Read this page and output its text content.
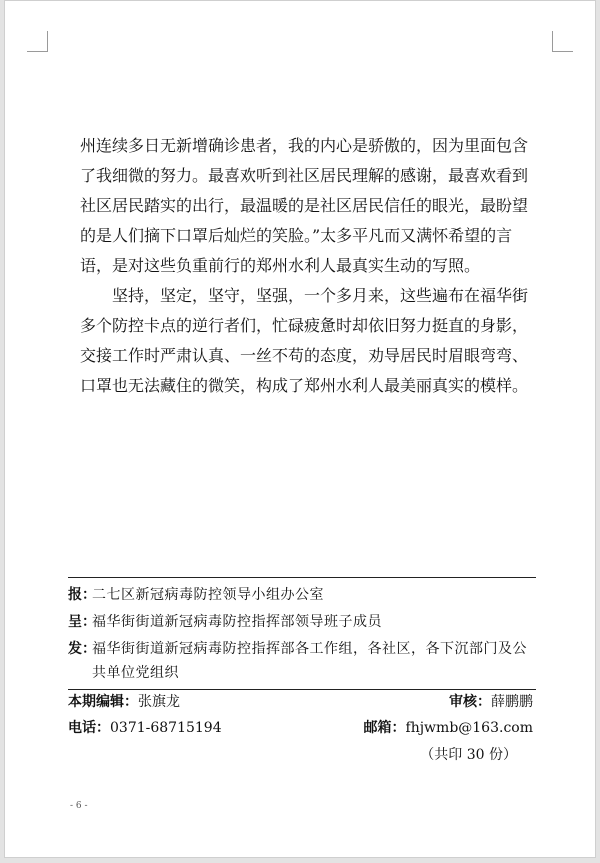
州连续多日无新增确诊患者，我的内心是骄傲的，因为里面包含了我细微的努力。最喜欢听到社区居民理解的感谢，最喜欢看到社区居民踏实的出行，最温暖的是社区居民信任的眼光，最盼望的是人们摘下口罩后灿烂的笑脸。”太多平凡而又满怀希望的言语，是对这些负重前行的郑州水利人最真实生动的写照。

坚持，坚定，坚守，坚强，一个多月来，这些遍布在福华街多个防控卡点的逆行者们，忙碌疲惫时却依旧努力挺直的身影，交接工作时严肃认真、一丝不苟的态度，劝导居民时眉眼弯弯、口罩也无法藏住的微笑，构成了郑州水利人最美丽真实的模样。

报 ：
二七区新冠病毒防控领导小组办公室
呈 ：
福华街街道新冠病毒防控指挥部领导班子成员
发 ：
福华街街道新冠病毒防控指挥部各工作组，各社区，各下沉部门及公共单位党组织
本期编辑： 张旗龙	审核： 薛鹏鹏
电话： 0371-68715194	邮箱： fhjwmb@163.com
（共印 30 份）
- 6 -
